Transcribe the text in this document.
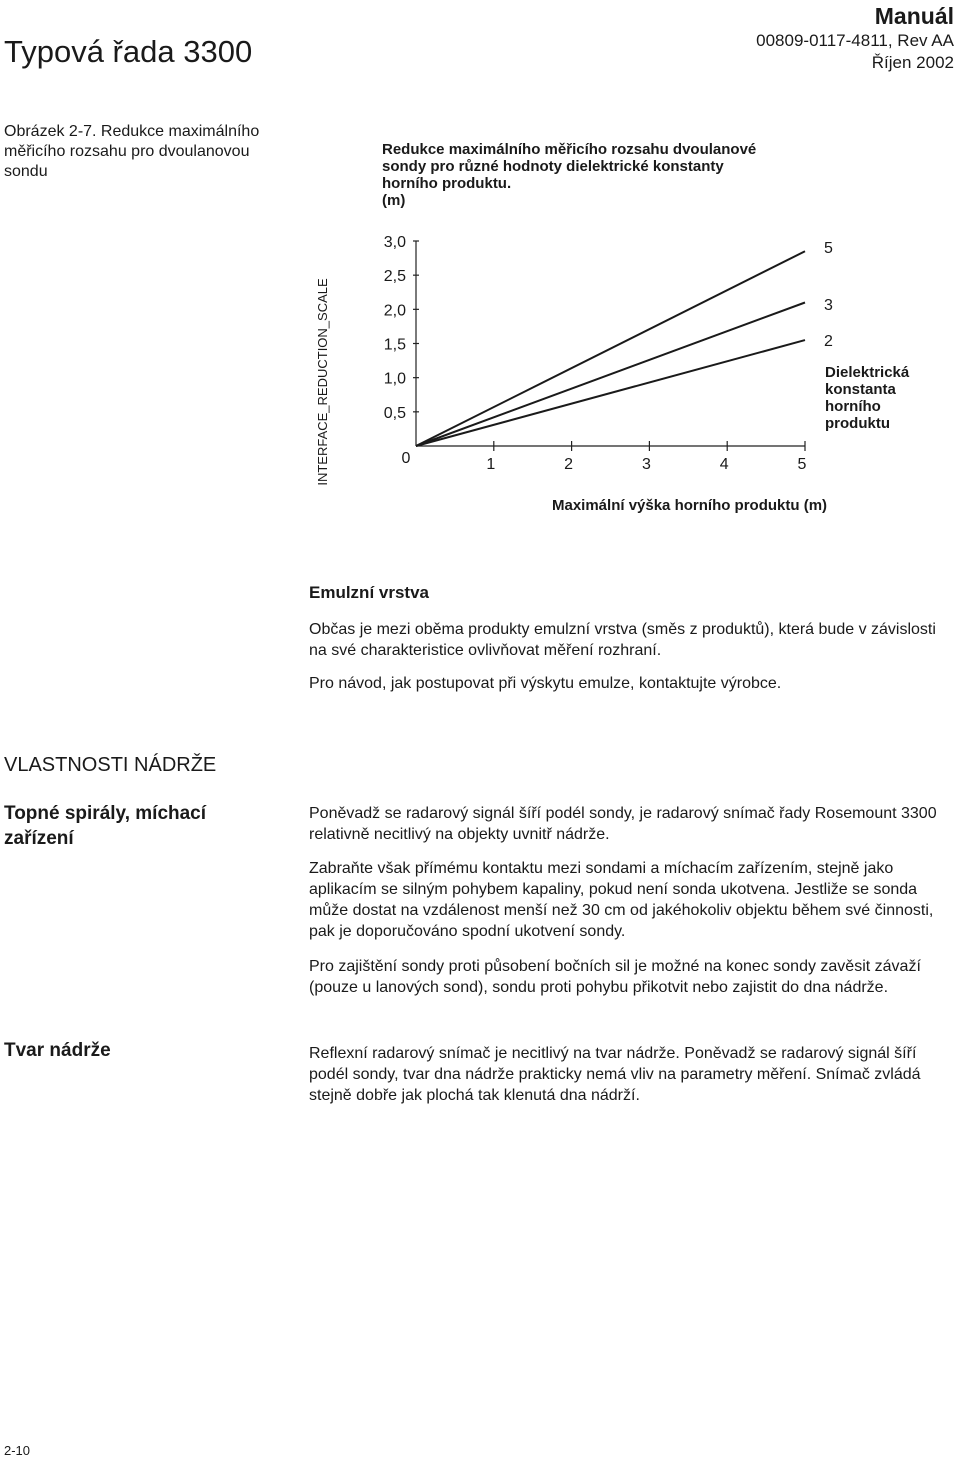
Typová řada 3300
Manuál
00809-0117-4811, Rev AA
Říjen 2002
Obrázek 2-7. Redukce maximálního měřicího rozsahu pro dvoulanovou sondu
Redukce maximálního měřicího rozsahu dvoulanové
sondy pro různé hodnoty dielektrické konstanty
horního produktu.
(m)
INTERFACE_REDUCTION_SCALE
3,0
2,5
2,0
1,5
1,0
0,5
0	1	2	3	4	5
5
3
2
Dielektrická
konstanta
horního
produktu
Maximální výška horního produktu (m)
Emulzní vrstva
Občas je mezi oběma produkty emulzní vrstva (směs z produktů), která bude v závislosti na své charakteristice ovlivňovat měření rozhraní.
Pro návod, jak postupovat při výskytu emulze, kontaktujte výrobce.
VLASTNOSTI NÁDRŽE
Topné spirály, míchací zařízení
Poněvadž se radarový signál šíří podél sondy, je radarový snímač řady Rosemount 3300 relativně necitlivý na objekty uvnitř nádrže.
Zabraňte však přímému kontaktu mezi sondami a míchacím zařízením, stejně jako aplikacím se silným pohybem kapaliny, pokud není sonda ukotvena. Jestliže se sonda může dostat na vzdálenost menší než 30 cm od jakéhokoliv objektu během své činnosti, pak je doporučováno spodní ukotvení sondy.
Pro zajištění sondy proti působení bočních sil je možné na konec sondy zavěsit závaží (pouze u lanových sond), sondu proti pohybu přikotvit nebo zajistit do dna nádrže.
Tvar nádrže	Reflexní radarový snímač je necitlivý na tvar nádrže. Poněvadž se radarový signál šíří podél sondy, tvar dna nádrže prakticky nemá vliv na parametry měření. Snímač zvládá stejně dobře jak plochá tak klenutá dna nádrží.
2-10
